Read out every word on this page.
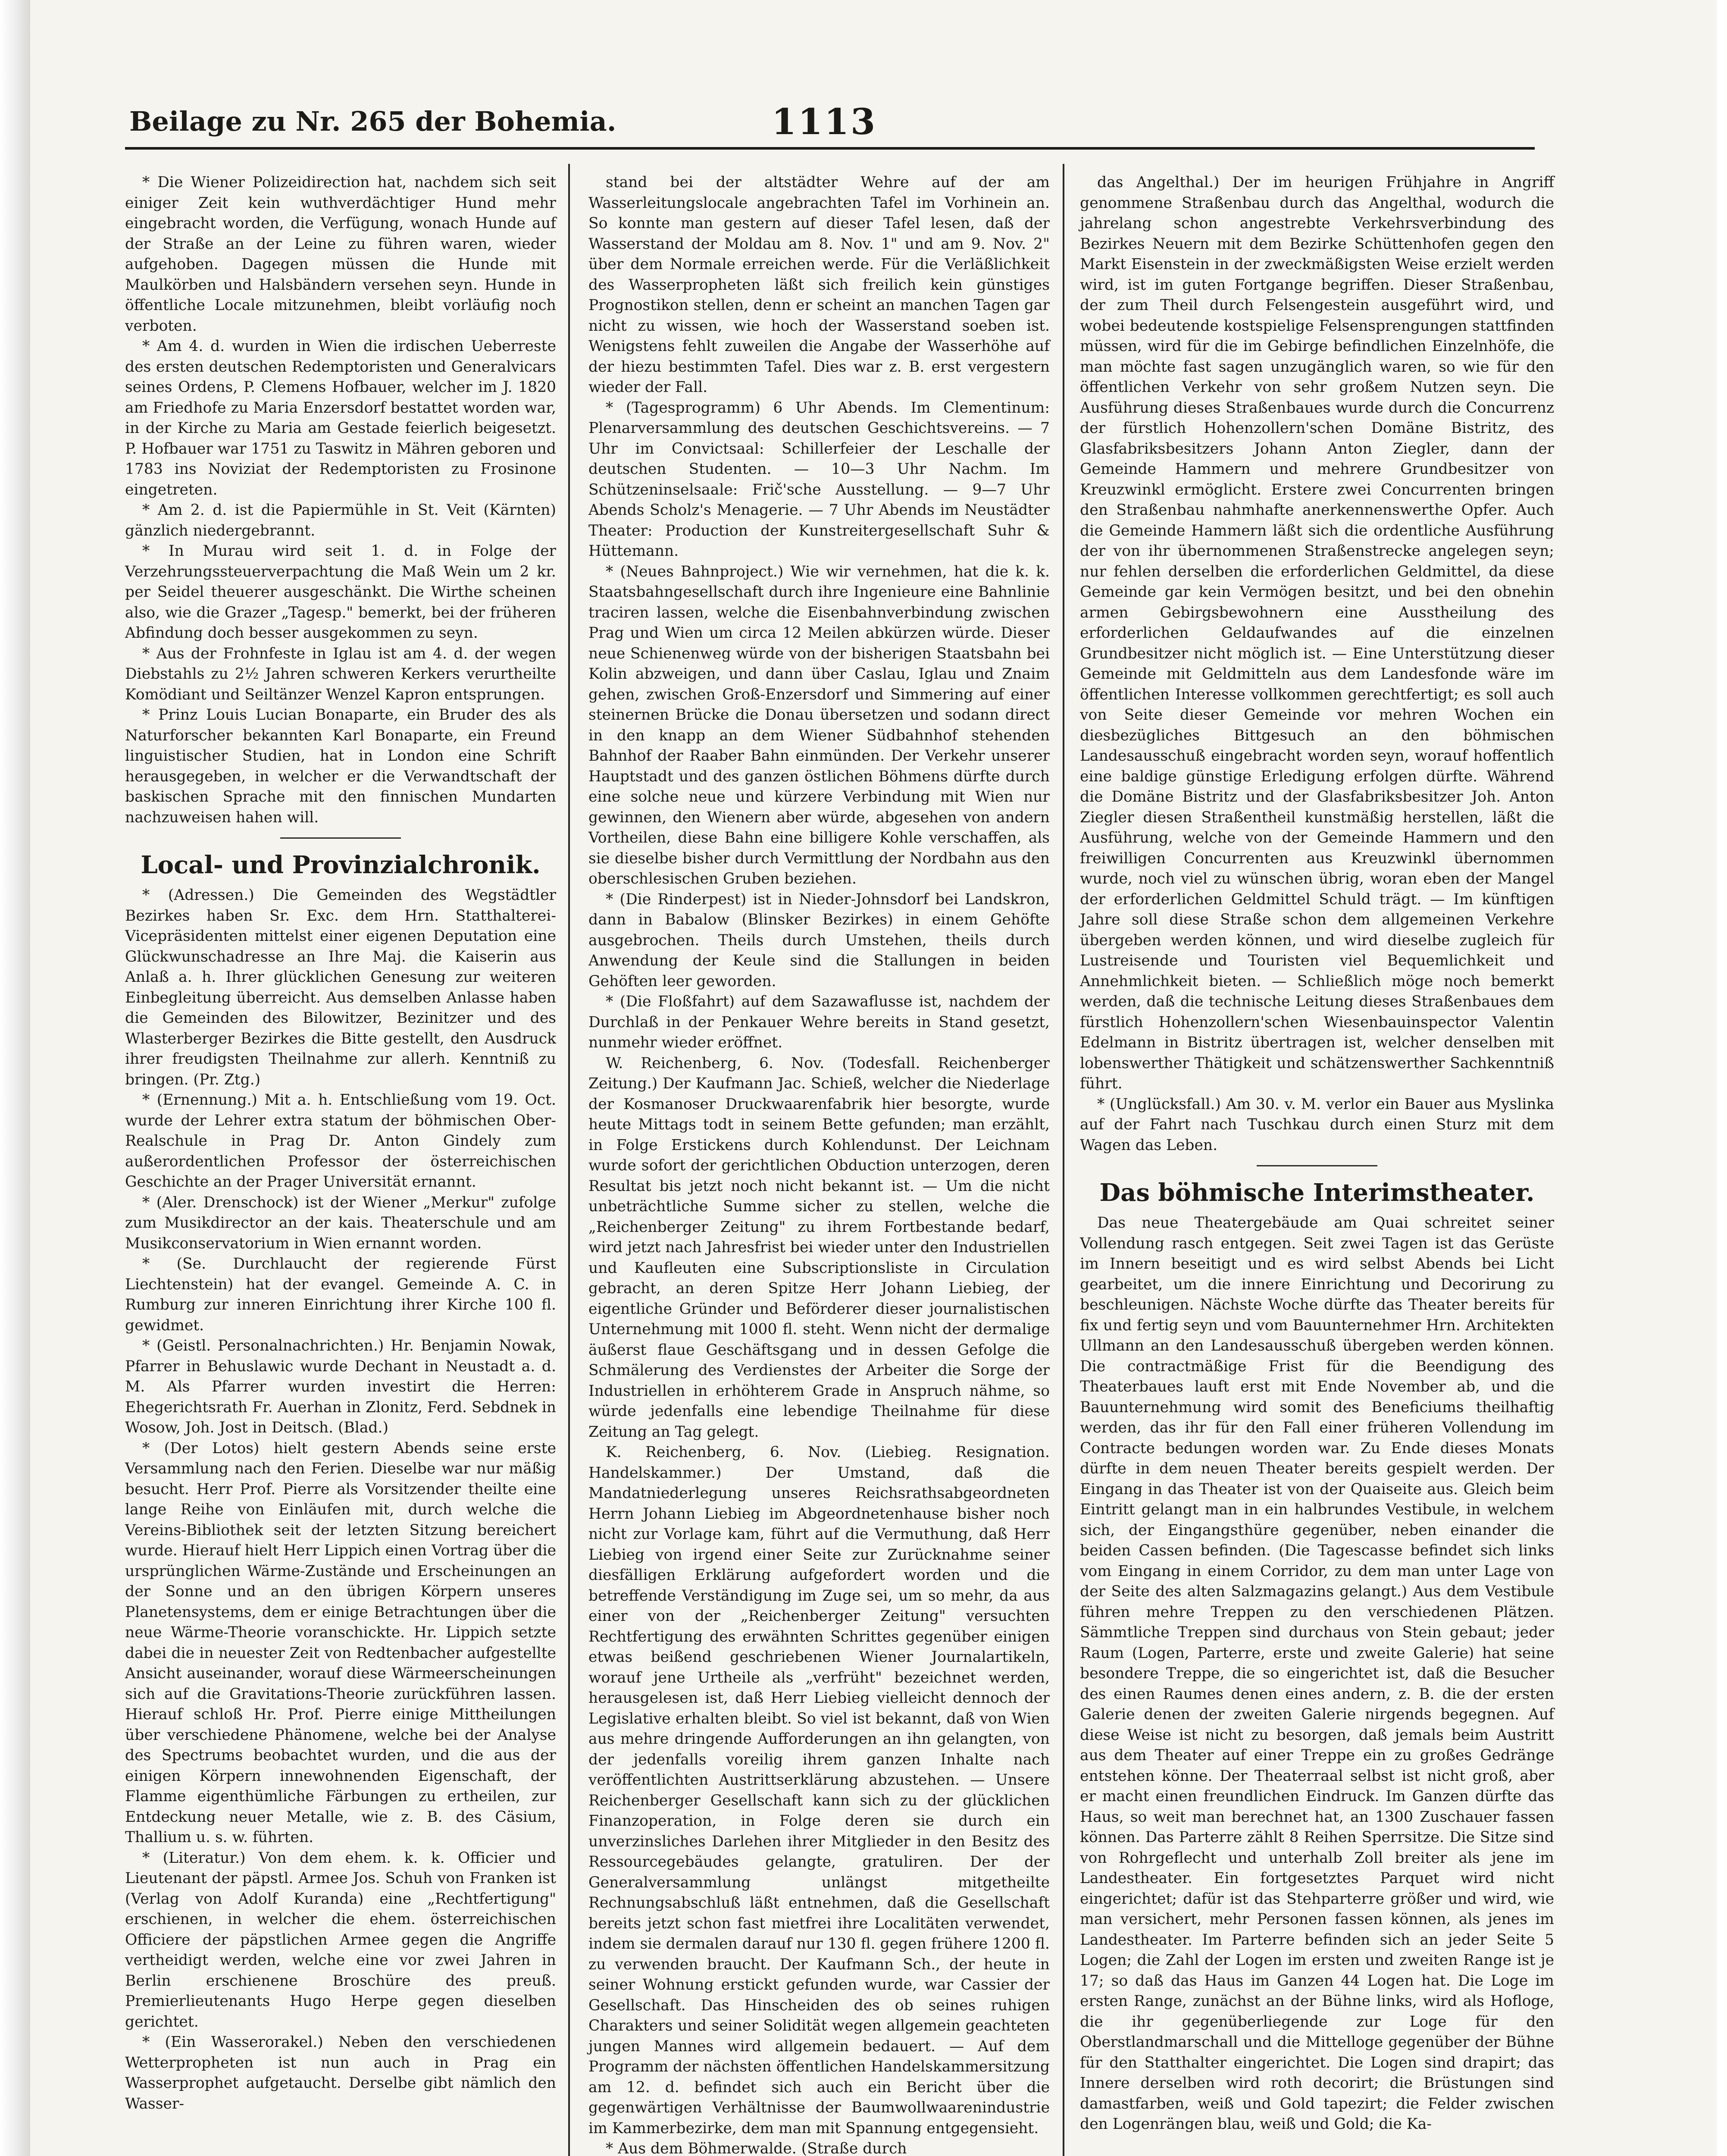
Beilage zu Nr. 265 der Bohemia.	1113

* Die Wiener Polizeidirection hat, nachdem sich seit einiger Zeit kein wuthverdächtiger Hund mehr eingebracht worden, die Verfügung, wonach Hunde auf der Straße an der Leine zu führen waren, wieder aufgehoben. Dagegen müssen die Hunde mit Maulkörben und Halsbändern versehen seyn. Hunde in öffentliche Locale mitzunehmen, bleibt vorläufig noch verboten.

* Am 4. d. wurden in Wien die irdischen Ueberreste des ersten deutschen Redemptoristen und Generalvicars seines Ordens, P. Clemens Hofbauer, welcher im J. 1820 am Friedhofe zu Maria Enzersdorf bestattet worden war, in der Kirche zu Maria am Gestade feierlich beigesetzt. P. Hofbauer war 1751 zu Taswitz in Mähren geboren und 1783 ins Noviziat der Redemptoristen zu Frosinone eingetreten.

* Am 2. d. ist die Papiermühle in St. Veit (Kärnten) gänzlich niedergebrannt.

* In Murau wird seit 1. d. in Folge der Verzehrungssteuerverpachtung die Maß Wein um 2 kr. per Seidel theuerer ausgeschänkt. Die Wirthe scheinen also, wie die Grazer „Tagesp." bemerkt, bei der früheren Abfindung doch besser ausgekommen zu seyn.

* Aus der Frohnfeste in Iglau ist am 4. d. der wegen Diebstahls zu 2½ Jahren schweren Kerkers verurtheilte Komödiant und Seiltänzer Wenzel Kapron entsprungen.

* Prinz Louis Lucian Bonaparte, ein Bruder des als Naturforscher bekannten Karl Bonaparte, ein Freund linguistischer Studien, hat in London eine Schrift herausgegeben, in welcher er die Verwandtschaft der baskischen Sprache mit den finnischen Mundarten nachzuweisen hahen will.

Local- und Provinzialchronik.

* (Adressen.) Die Gemeinden des Wegstädtler Bezirkes haben Sr. Exc. dem Hrn. Statthalterei-Vicepräsidenten mittelst einer eigenen Deputation eine Glückwunschadresse an Ihre Maj. die Kaiserin aus Anlaß a. h. Ihrer glücklichen Genesung zur weiteren Einbegleitung überreicht. Aus demselben Anlasse haben die Gemeinden des Bilowitzer, Bezinitzer und des Wlasterberger Bezirkes die Bitte gestellt, den Ausdruck ihrer freudigsten Theilnahme zur allerh. Kenntniß zu bringen. (Pr. Ztg.)

* (Ernennung.) Mit a. h. Entschließung vom 19. Oct. wurde der Lehrer extra statum der böhmischen Ober-Realschule in Prag Dr. Anton Gindely zum außerordentlichen Professor der österreichischen Geschichte an der Prager Universität ernannt.

* (Aler. Drenschock) ist der Wiener „Merkur" zufolge zum Musikdirector an der kais. Theaterschule und am Musikconservatorium in Wien ernannt worden.

* (Se. Durchlaucht der regierende Fürst Liechtenstein) hat der evangel. Gemeinde A. C. in Rumburg zur inneren Einrichtung ihrer Kirche 100 fl. gewidmet.

* (Geistl. Personalnachrichten.) Hr. Benjamin Nowak, Pfarrer in Behuslawic wurde Dechant in Neustadt a. d. M. Als Pfarrer wurden investirt die Herren: Ehegerichtsrath Fr. Auerhan in Zlonitz, Ferd. Sebdnek in Wosow, Joh. Jost in Deitsch. (Blad.)

* (Der Lotos) hielt gestern Abends seine erste Versammlung nach den Ferien. Dieselbe war nur mäßig besucht. Herr Prof. Pierre als Vorsitzender theilte eine lange Reihe von Einläufen mit, durch welche die Vereins-Bibliothek seit der letzten Sitzung bereichert wurde. Hierauf hielt Herr Lippich einen Vortrag über die ursprünglichen Wärme-Zustände und Erscheinungen an der Sonne und an den übrigen Körpern unseres Planetensystems, dem er einige Betrachtungen über die neue Wärme-Theorie voranschickte. Hr. Lippich setzte dabei die in neuester Zeit von Redtenbacher aufgestellte Ansicht auseinander, worauf diese Wärmeerscheinungen sich auf die Gravitations-Theorie zurückführen lassen. Hierauf schloß Hr. Prof. Pierre einige Mittheilungen über verschiedene Phänomene, welche bei der Analyse des Spectrums beobachtet wurden, und die aus der einigen Körpern innewohnenden Eigenschaft, der Flamme eigenthümliche Färbungen zu ertheilen, zur Entdeckung neuer Metalle, wie z. B. des Cäsium, Thallium u. s. w. führten.

* (Literatur.) Von dem ehem. k. k. Officier und Lieutenant der päpstl. Armee Jos. Schuh von Franken ist (Verlag von Adolf Kuranda) eine „Rechtfertigung" erschienen, in welcher die ehem. österreichischen Officiere der päpstlichen Armee gegen die Angriffe vertheidigt werden, welche eine vor zwei Jahren in Berlin erschienene Broschüre des preuß. Premierlieutenants Hugo Herpe gegen dieselben gerichtet.

* (Ein Wasserorakel.) Neben den verschiedenen Wetterpropheten ist nun auch in Prag ein Wasserprophet aufgetaucht. Derselbe gibt nämlich den Wasser-

stand bei der altstädter Wehre auf der am Wasserleitungslocale angebrachten Tafel im Vorhinein an. So konnte man gestern auf dieser Tafel lesen, daß der Wasserstand der Moldau am 8. Nov. 1" und am 9. Nov. 2" über dem Normale erreichen werde. Für die Verläßlichkeit des Wasserpropheten läßt sich freilich kein günstiges Prognostikon stellen, denn er scheint an manchen Tagen gar nicht zu wissen, wie hoch der Wasserstand soeben ist. Wenigstens fehlt zuweilen die Angabe der Wasserhöhe auf der hiezu bestimmten Tafel. Dies war z. B. erst vergestern wieder der Fall.

* (Tagesprogramm) 6 Uhr Abends. Im Clementinum: Plenarversammlung des deutschen Geschichtsvereins. — 7 Uhr im Convictsaal: Schillerfeier der Leschalle der deutschen Studenten. — 10—3 Uhr Nachm. Im Schützeninselsaale: Frič'sche Ausstellung. — 9—7 Uhr Abends Scholz's Menagerie. — 7 Uhr Abends im Neustädter Theater: Production der Kunstreitergesellschaft Suhr & Hüttemann.

* (Neues Bahnproject.) Wie wir vernehmen, hat die k. k. Staatsbahngesellschaft durch ihre Ingenieure eine Bahnlinie traciren lassen, welche die Eisenbahnverbindung zwischen Prag und Wien um circa 12 Meilen abkürzen würde. Dieser neue Schienenweg würde von der bisherigen Staatsbahn bei Kolin abzweigen, und dann über Caslau, Iglau und Znaim gehen, zwischen Groß-Enzersdorf und Simmering auf einer steinernen Brücke die Donau übersetzen und sodann direct in den knapp an dem Wiener Südbahnhof stehenden Bahnhof der Raaber Bahn einmünden. Der Verkehr unserer Hauptstadt und des ganzen östlichen Böhmens dürfte durch eine solche neue und kürzere Verbindung mit Wien nur gewinnen, den Wienern aber würde, abgesehen von andern Vortheilen, diese Bahn eine billigere Kohle verschaffen, als sie dieselbe bisher durch Vermittlung der Nordbahn aus den oberschlesischen Gruben beziehen.

* (Die Rinderpest) ist in Nieder-Johnsdorf bei Landskron, dann in Babalow (Blinsker Bezirkes) in einem Gehöfte ausgebrochen. Theils durch Umstehen, theils durch Anwendung der Keule sind die Stallungen in beiden Gehöften leer geworden.

* (Die Floßfahrt) auf dem Sazawaflusse ist, nachdem der Durchlaß in der Penkauer Wehre bereits in Stand gesetzt, nunmehr wieder eröffnet.

W. Reichenberg, 6. Nov. (Todesfall. Reichenberger Zeitung.) Der Kaufmann Jac. Schieß, welcher die Niederlage der Kosmanoser Druckwaarenfabrik hier besorgte, wurde heute Mittags todt in seinem Bette gefunden; man erzählt, in Folge Erstickens durch Kohlendunst. Der Leichnam wurde sofort der gerichtlichen Obduction unterzogen, deren Resultat bis jetzt noch nicht bekannt ist. — Um die nicht unbeträchtliche Summe sicher zu stellen, welche die „Reichenberger Zeitung" zu ihrem Fortbestande bedarf, wird jetzt nach Jahresfrist bei wieder unter den Industriellen und Kaufleuten eine Subscriptionsliste in Circulation gebracht, an deren Spitze Herr Johann Liebieg, der eigentliche Gründer und Beförderer dieser journalistischen Unternehmung mit 1000 fl. steht. Wenn nicht der dermalige äußerst flaue Geschäftsgang und in dessen Gefolge die Schmälerung des Verdienstes der Arbeiter die Sorge der Industriellen in erhöhterem Grade in Anspruch nähme, so würde jedenfalls eine lebendige Theilnahme für diese Zeitung an Tag gelegt.

K. Reichenberg, 6. Nov. (Liebieg. Resignation. Handelskammer.) Der Umstand, daß die Mandatniederlegung unseres Reichsrathsabgeordneten Herrn Johann Liebieg im Abgeordnetenhause bisher noch nicht zur Vorlage kam, führt auf die Vermuthung, daß Herr Liebieg von irgend einer Seite zur Zurücknahme seiner diesfälligen Erklärung aufgefordert worden und die betreffende Verständigung im Zuge sei, um so mehr, da aus einer von der „Reichenberger Zeitung" versuchten Rechtfertigung des erwähnten Schrittes gegenüber einigen etwas beißend geschriebenen Wiener Journalartikeln, worauf jene Urtheile als „verfrüht" bezeichnet werden, herausgelesen ist, daß Herr Liebieg vielleicht dennoch der Legislative erhalten bleibt. So viel ist bekannt, daß von Wien aus mehre dringende Aufforderungen an ihn gelangten, von der jedenfalls voreilig ihrem ganzen Inhalte nach veröffentlichten Austrittserklärung abzustehen. — Unsere Reichenberger Gesellschaft kann sich zu der glücklichen Finanzoperation, in Folge deren sie durch ein unverzinsliches Darlehen ihrer Mitglieder in den Besitz des Ressourcegebäudes gelangte, gratuliren. Der der Generalversammlung unlängst mitgetheilte Rechnungsabschluß läßt entnehmen, daß die Gesellschaft bereits jetzt schon fast mietfrei ihre Localitäten verwendet, indem sie dermalen darauf nur 130 fl. gegen frühere 1200 fl. zu verwenden braucht. Der Kaufmann Sch., der heute in seiner Wohnung erstickt gefunden wurde, war Cassier der Gesellschaft. Das Hinscheiden des ob seines ruhigen Charakters und seiner Solidität wegen allgemein geachteten jungen Mannes wird allgemein bedauert. — Auf dem Programm der nächsten öffentlichen Handelskammersitzung am 12. d. befindet sich auch ein Bericht über die gegenwärtigen Verhältnisse der Baumwollwaarenindustrie im Kammerbezirke, dem man mit Spannung entgegensieht.

* Aus dem Böhmerwalde. (Straße durch

das Angelthal.) Der im heurigen Frühjahre in Angriff genommene Straßenbau durch das Angelthal, wodurch die jahrelang schon angestrebte Verkehrsverbindung des Bezirkes Neuern mit dem Bezirke Schüttenhofen gegen den Markt Eisenstein in der zweckmäßigsten Weise erzielt werden wird, ist im guten Fortgange begriffen. Dieser Straßenbau, der zum Theil durch Felsengestein ausgeführt wird, und wobei bedeutende kostspielige Felsensprengungen stattfinden müssen, wird für die im Gebirge befindlichen Einzelnhöfe, die man möchte fast sagen unzugänglich waren, so wie für den öffentlichen Verkehr von sehr großem Nutzen seyn. Die Ausführung dieses Straßenbaues wurde durch die Concurrenz der fürstlich Hohenzollern'schen Domäne Bistritz, des Glasfabriksbesitzers Johann Anton Ziegler, dann der Gemeinde Hammern und mehrere Grundbesitzer von Kreuzwinkl ermöglicht. Erstere zwei Concurrenten bringen den Straßenbau nahmhafte anerkennenswerthe Opfer. Auch die Gemeinde Hammern läßt sich die ordentliche Ausführung der von ihr übernommenen Straßenstrecke angelegen seyn; nur fehlen derselben die erforderlichen Geldmittel, da diese Gemeinde gar kein Vermögen besitzt, und bei den obnehin armen Gebirgsbewohnern eine Ausstheilung des erforderlichen Geldaufwandes auf die einzelnen Grundbesitzer nicht möglich ist. — Eine Unterstützung dieser Gemeinde mit Geldmitteln aus dem Landesfonde wäre im öffentlichen Interesse vollkommen gerechtfertigt; es soll auch von Seite dieser Gemeinde vor mehren Wochen ein diesbezügliches Bittgesuch an den böhmischen Landesausschuß eingebracht worden seyn, worauf hoffentlich eine baldige günstige Erledigung erfolgen dürfte. Während die Domäne Bistritz und der Glasfabriksbesitzer Joh. Anton Ziegler diesen Straßentheil kunstmäßig herstellen, läßt die Ausführung, welche von der Gemeinde Hammern und den freiwilligen Concurrenten aus Kreuzwinkl übernommen wurde, noch viel zu wünschen übrig, woran eben der Mangel der erforderlichen Geldmittel Schuld trägt. — Im künftigen Jahre soll diese Straße schon dem allgemeinen Verkehre übergeben werden können, und wird dieselbe zugleich für Lustreisende und Touristen viel Bequemlichkeit und Annehmlichkeit bieten. — Schließlich möge noch bemerkt werden, daß die technische Leitung dieses Straßenbaues dem fürstlich Hohenzollern'schen Wiesenbauinspector Valentin Edelmann in Bistritz übertragen ist, welcher denselben mit lobenswerther Thätigkeit und schätzenswerther Sachkenntniß führt.

* (Unglücksfall.) Am 30. v. M. verlor ein Bauer aus Myslinka auf der Fahrt nach Tuschkau durch einen Sturz mit dem Wagen das Leben.

Das böhmische Interimstheater.

Das neue Theatergebäude am Quai schreitet seiner Vollendung rasch entgegen. Seit zwei Tagen ist das Gerüste im Innern beseitigt und es wird selbst Abends bei Licht gearbeitet, um die innere Einrichtung und Decorirung zu beschleunigen. Nächste Woche dürfte das Theater bereits für fix und fertig seyn und vom Bauunternehmer Hrn. Architekten Ullmann an den Landesausschuß übergeben werden können. Die contractmäßige Frist für die Beendigung des Theaterbaues lauft erst mit Ende November ab, und die Bauunternehmung wird somit des Beneficiums theilhaftig werden, das ihr für den Fall einer früheren Vollendung im Contracte bedungen worden war. Zu Ende dieses Monats dürfte in dem neuen Theater bereits gespielt werden. Der Eingang in das Theater ist von der Quaiseite aus. Gleich beim Eintritt gelangt man in ein halbrundes Vestibule, in welchem sich, der Eingangsthüre gegenüber, neben einander die beiden Cassen befinden. (Die Tagescasse befindet sich links vom Eingang in einem Corridor, zu dem man unter Lage von der Seite des alten Salzmagazins gelangt.) Aus dem Vestibule führen mehre Treppen zu den verschiedenen Plätzen. Sämmtliche Treppen sind durchaus von Stein gebaut; jeder Raum (Logen, Parterre, erste und zweite Galerie) hat seine besondere Treppe, die so eingerichtet ist, daß die Besucher des einen Raumes denen eines andern, z. B. die der ersten Galerie denen der zweiten Galerie nirgends begegnen. Auf diese Weise ist nicht zu besorgen, daß jemals beim Austritt aus dem Theater auf einer Treppe ein zu großes Gedränge entstehen könne. Der Theaterraal selbst ist nicht groß, aber er macht einen freundlichen Eindruck. Im Ganzen dürfte das Haus, so weit man berechnet hat, an 1300 Zuschauer fassen können. Das Parterre zählt 8 Reihen Sperrsitze. Die Sitze sind von Rohrgeflecht und unterhalb Zoll breiter als jene im Landestheater. Ein fortgesetztes Parquet wird nicht eingerichtet; dafür ist das Stehparterre größer und wird, wie man versichert, mehr Personen fassen können, als jenes im Landestheater. Im Parterre befinden sich an jeder Seite 5 Logen; die Zahl der Logen im ersten und zweiten Range ist je 17; so daß das Haus im Ganzen 44 Logen hat. Die Loge im ersten Range, zunächst an der Bühne links, wird als Hofloge, die ihr gegenüberliegende zur Loge für den Oberstlandmarschall und die Mittelloge gegenüber der Bühne für den Statthalter eingerichtet. Die Logen sind drapirt; das Innere derselben wird roth decorirt; die Brüstungen sind damastfarben, weiß und Gold tapezirt; die Felder zwischen den Logenrängen blau, weiß und Gold; die Ka-
